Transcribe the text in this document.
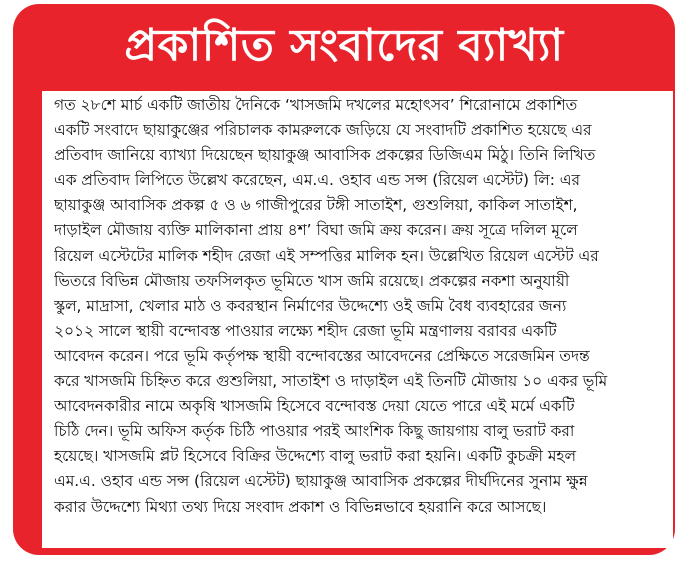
প্রকাশিত সংবাদের ব্যাখ্যা
গত ২৮শে মার্চ একটি জাতীয় দৈনিকে ‘খাসজমি দখলের মহোৎসব’ শিরোনামে প্রকাশিত
একটি সংবাদে ছায়াকুঞ্জের পরিচালক কামরুলকে জড়িয়ে যে সংবাদটি প্রকাশিত হয়েছে এর
প্রতিবাদ জানিয়ে ব্যাখ্যা দিয়েছেন ছায়াকুঞ্জ আবাসিক প্রকল্পের ডিজিএম মিঠু। তিনি লিখিত
এক প্রতিবাদ লিপিতে উল্লেখ করেছেন, এম.এ. ওহাব এন্ড সন্স (রিয়েল এস্টেট) লি: এর
ছায়াকুঞ্জ আবাসিক প্রকল্প ৫ ও ৬ গাজীপুরের টঙ্গী সাতাইশ, গুশুলিয়া, কাকিল সাতাইশ,
দাড়াইল মৌজায় ব্যক্তি মালিকানা প্রায় ৪শ’ বিঘা জমি ক্রয় করেন। ক্রয় সূত্রে দলিল মূলে
রিয়েল এস্টেটের মালিক শহীদ রেজা এই সম্পত্তির মালিক হন। উল্লেখিত রিয়েল এস্টেট এর
ভিতরে বিভিন্ন মৌজায় তফসিলকৃত ভূমিতে খাস জমি রয়েছে। প্রকল্পের নকশা অনুযায়ী
স্কুল, মাদ্রাসা, খেলার মাঠ ও কবরস্থান নির্মাণের উদ্দেশ্যে ওই জমি বৈধ ব্যবহারের জন্য
২০১২ সালে স্থায়ী বন্দোবস্ত পাওয়ার লক্ষ্যে শহীদ রেজা ভূমি মন্ত্রণালয় বরাবর একটি
আবেদন করেন। পরে ভূমি কর্তৃপক্ষ স্থায়ী বন্দোবস্তের আবেদনের প্রেক্ষিতে সরেজমিন তদন্ত
করে খাসজমি চিহ্নিত করে গুশুলিয়া, সাতাইশ ও দাড়াইল এই তিনটি মৌজায় ১০ একর ভূমি
আবেদনকারীর নামে অকৃষি খাসজমি হিসেবে বন্দোবস্ত দেয়া যেতে পারে এই মর্মে একটি
চিঠি দেন। ভূমি অফিস কর্তৃক চিঠি পাওয়ার পরই আংশিক কিছু জায়গায় বালু ভরাট করা
হয়েছে। খাসজমি প্লট হিসেবে বিক্রির উদ্দেশ্যে বালু ভরাট করা হয়নি। একটি কুচক্রী মহল
এম.এ. ওহাব এন্ড সন্স (রিয়েল এস্টেট) ছায়াকুঞ্জ আবাসিক প্রকল্পের দীর্ঘদিনের সুনাম ক্ষুন্ন
করার উদ্দেশ্যে মিথ্যা তথ্য দিয়ে সংবাদ প্রকাশ ও বিভিন্নভাবে হয়রানি করে আসছে।
